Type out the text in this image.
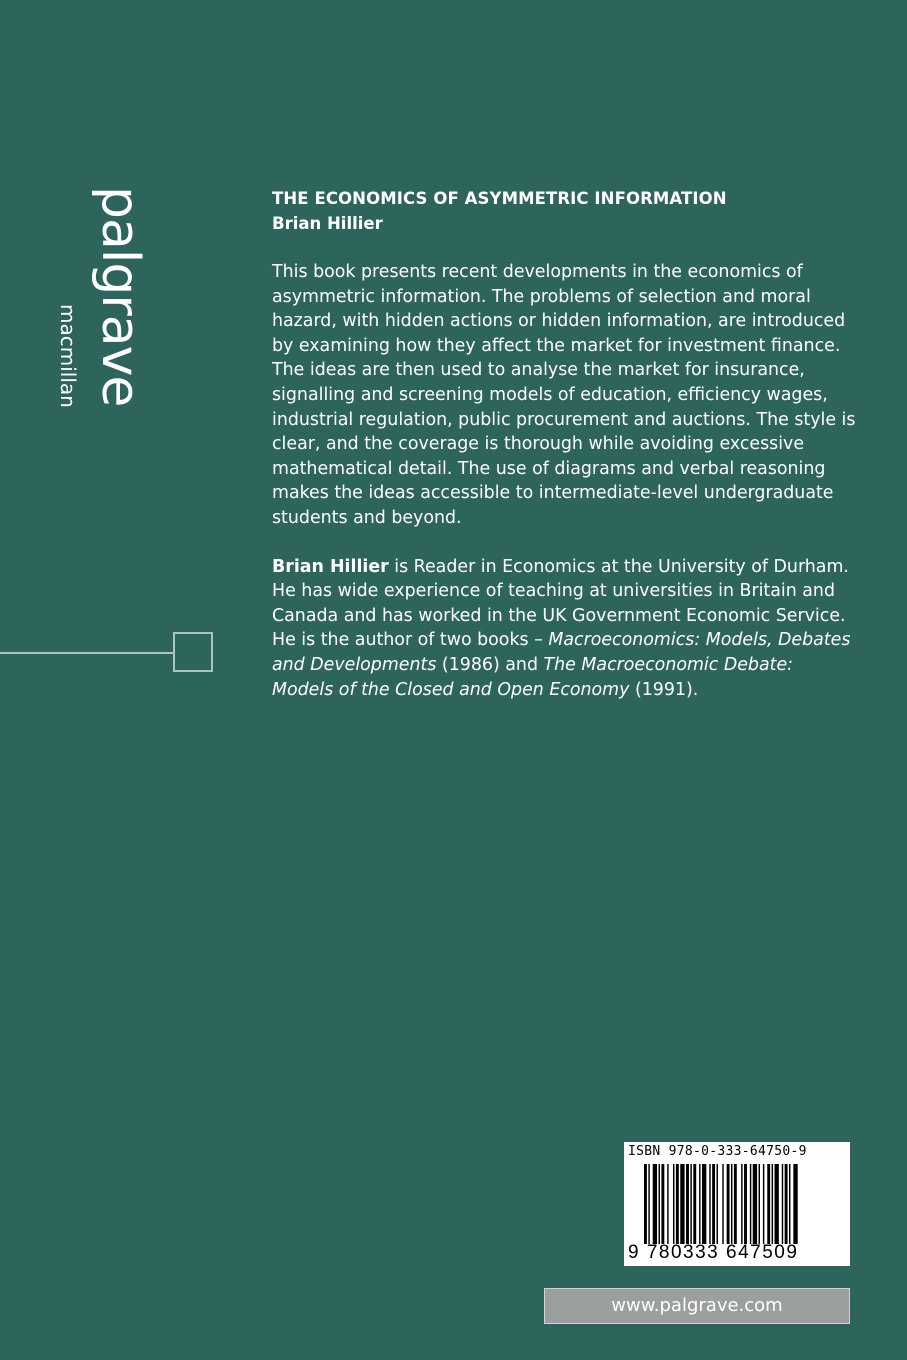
palgrave
macmillan
THE ECONOMICS OF ASYMMETRIC INFORMATION
Brian Hillier
This book presents recent developments in the economics of asymmetric information. The problems of selection and moral hazard, with hidden actions or hidden information, are introduced by examining how they affect the market for investment finance. The ideas are then used to analyse the market for insurance, signalling and screening models of education, efficiency wages, industrial regulation, public procurement and auctions. The style is clear, and the coverage is thorough while avoiding excessive mathematical detail. The use of diagrams and verbal reasoning makes the ideas accessible to intermediate-level undergraduate students and beyond.
Brian Hillier is Reader in Economics at the University of Durham. He has wide experience of teaching at universities in Britain and Canada and has worked in the UK Government Economic Service. He is the author of two books – Macroeconomics: Models, Debates and Developments (1986) and The Macroeconomic Debate: Models of the Closed and Open Economy (1991).
ISBN 978-0-333-64750-9
9 780333 647509
www.palgrave.com
